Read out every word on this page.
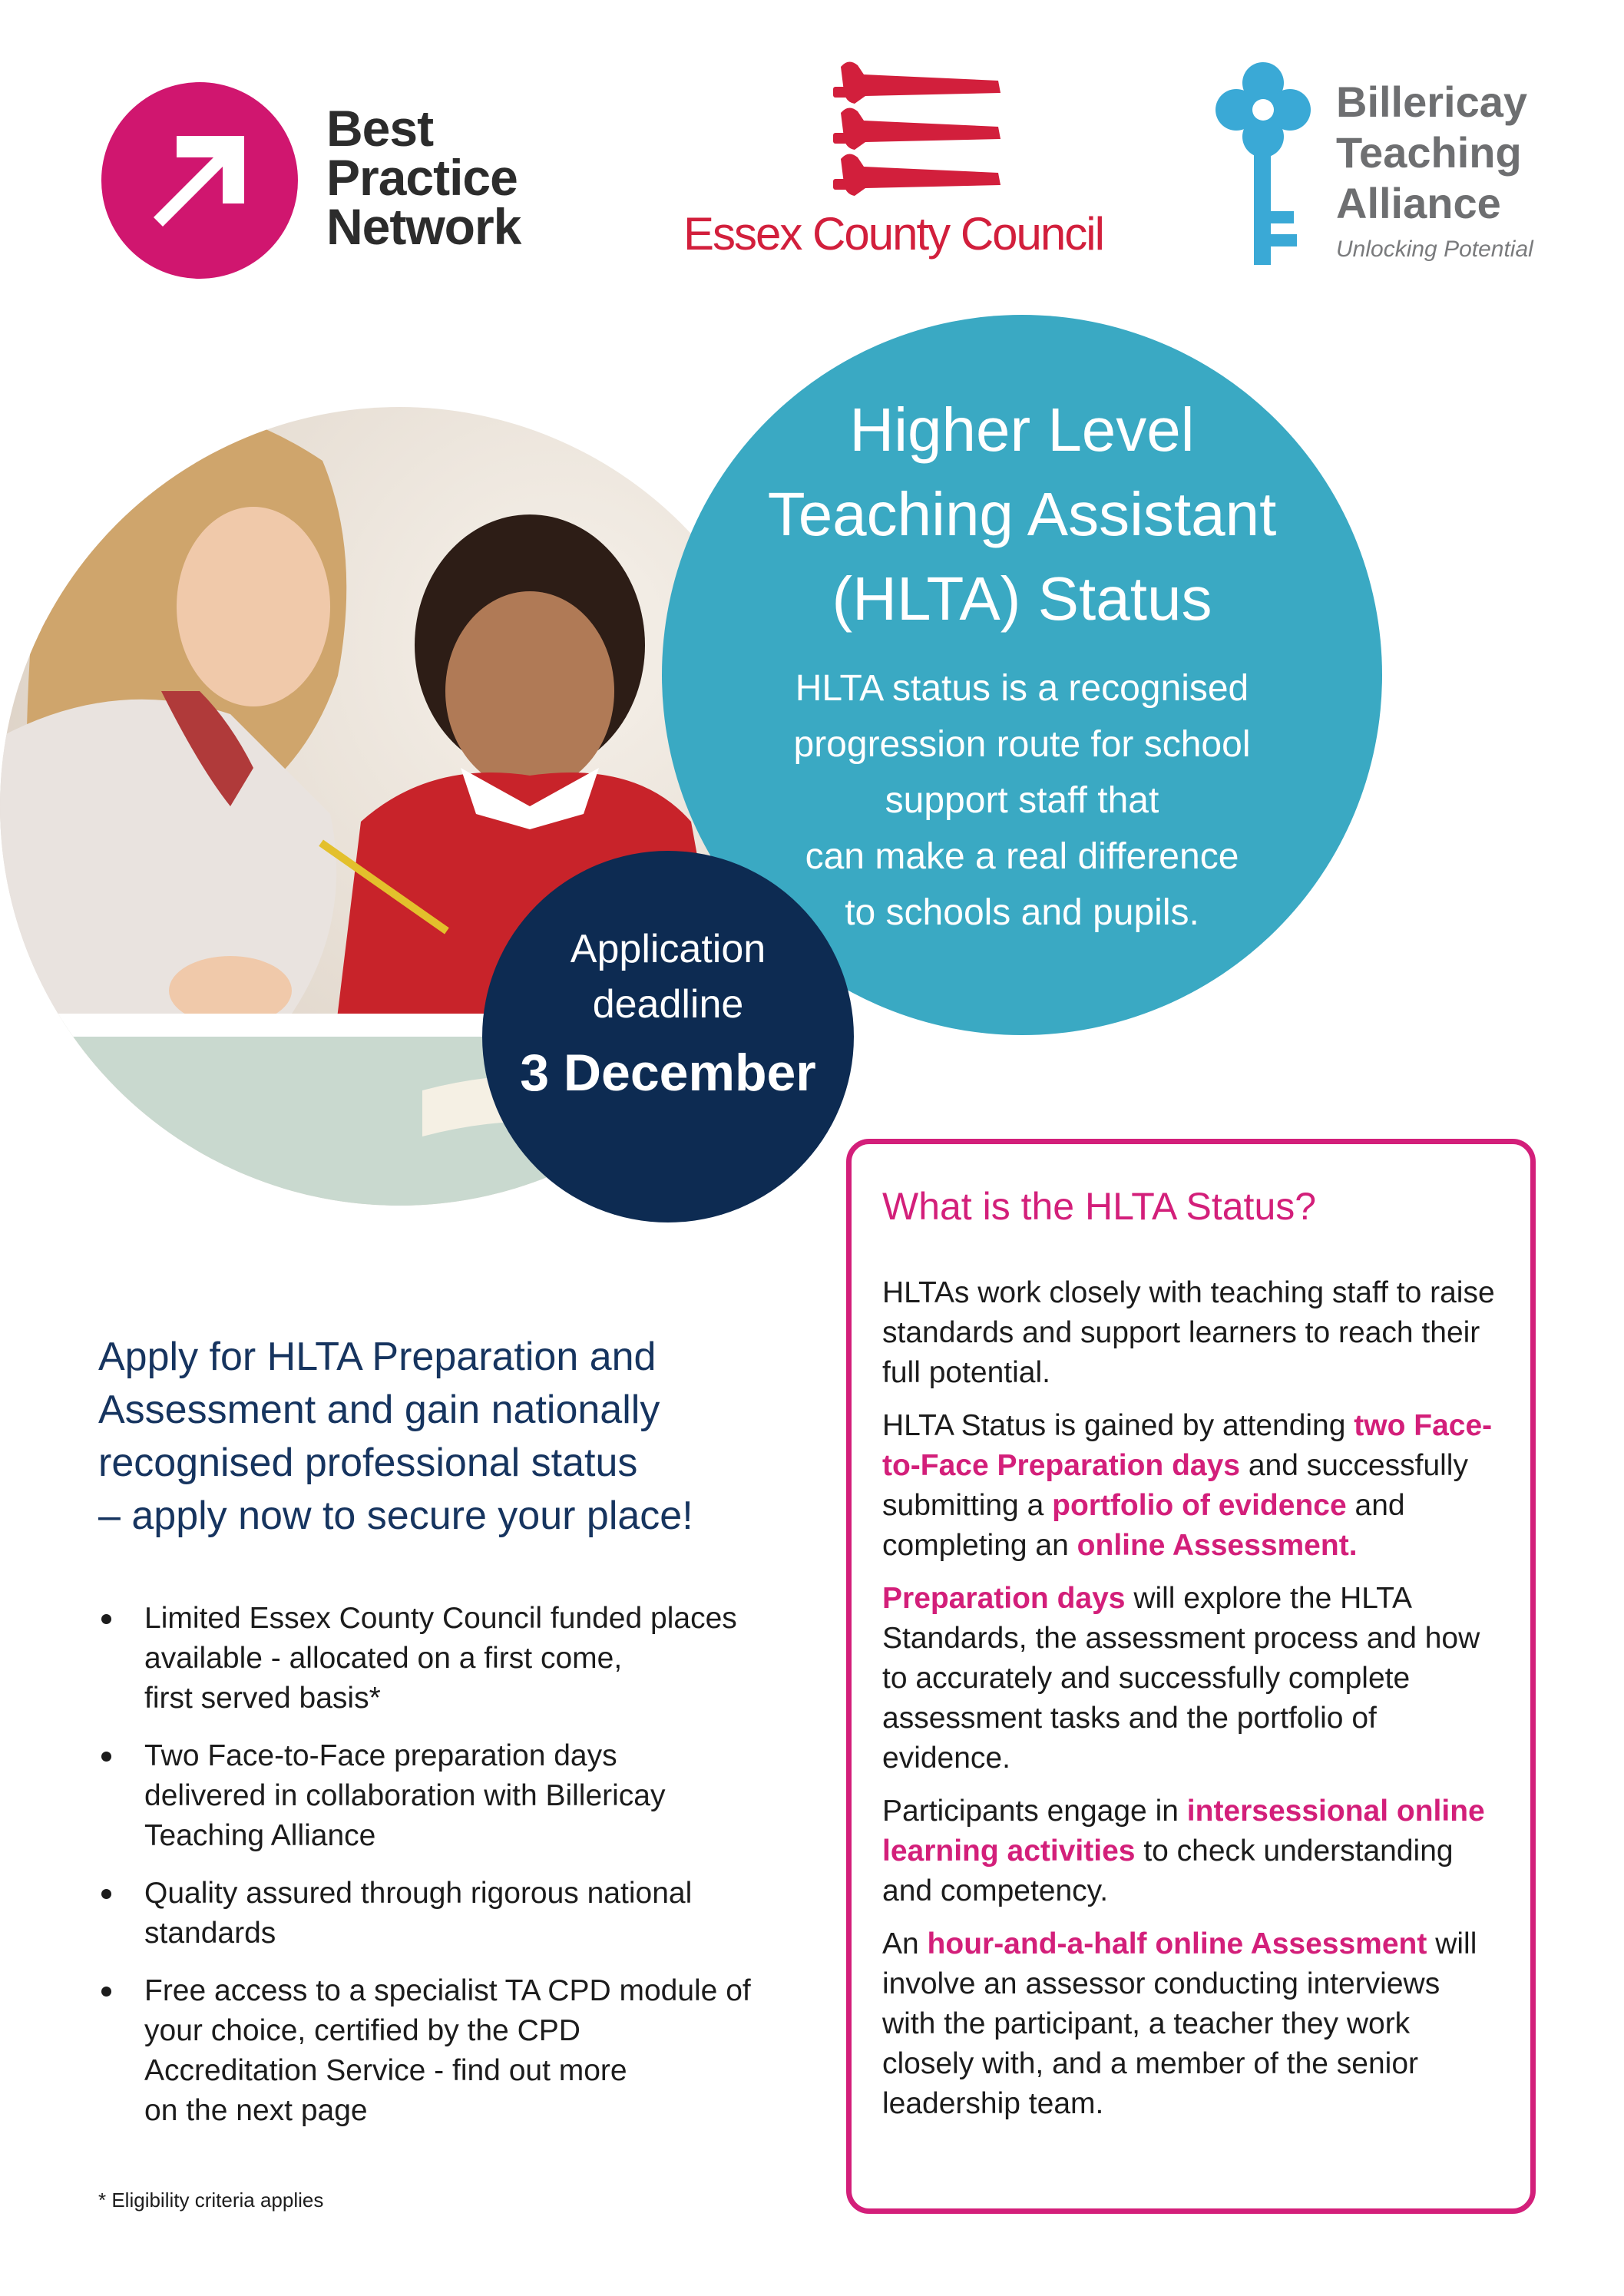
Best
Practice
Network	Essex County Council
Billericay
Teaching
Alliance
Unlocking Potential
Higher Level
Teaching Assistant
(HLTA) Status
HLTA status is a recognised
progression route for school
support staff that
can make a real difference
to schools and pupils.
Application
deadline
3 December
Apply for HLTA Preparation and
Assessment and gain nationally
recognised professional status
– apply now to secure your place!
Limited Essex County Council funded places
available - allocated on a first come,
first served basis*
Two Face-to-Face preparation days
delivered in collaboration with Billericay
Teaching Alliance
Quality assured through rigorous national
standards
Free access to a specialist TA CPD module of
your choice, certified by the CPD
Accreditation Service - find out more
on the next page
* Eligibility criteria applies
What is the HLTA Status?

HLTAs work closely with teaching staff to raise standards and support learners to reach their full potential.

HLTA Status is gained by attending two Face-to-Face Preparation days and successfully submitting a portfolio of evidence and completing an online Assessment.

Preparation days will explore the HLTA Standards, the assessment process and how to accurately and successfully complete assessment tasks and the portfolio of evidence.

Participants engage in intersessional online learning activities to check understanding and competency.

An hour-and-a-half online Assessment will involve an assessor conducting interviews with the participant, a teacher they work closely with, and a member of the senior leadership team.
